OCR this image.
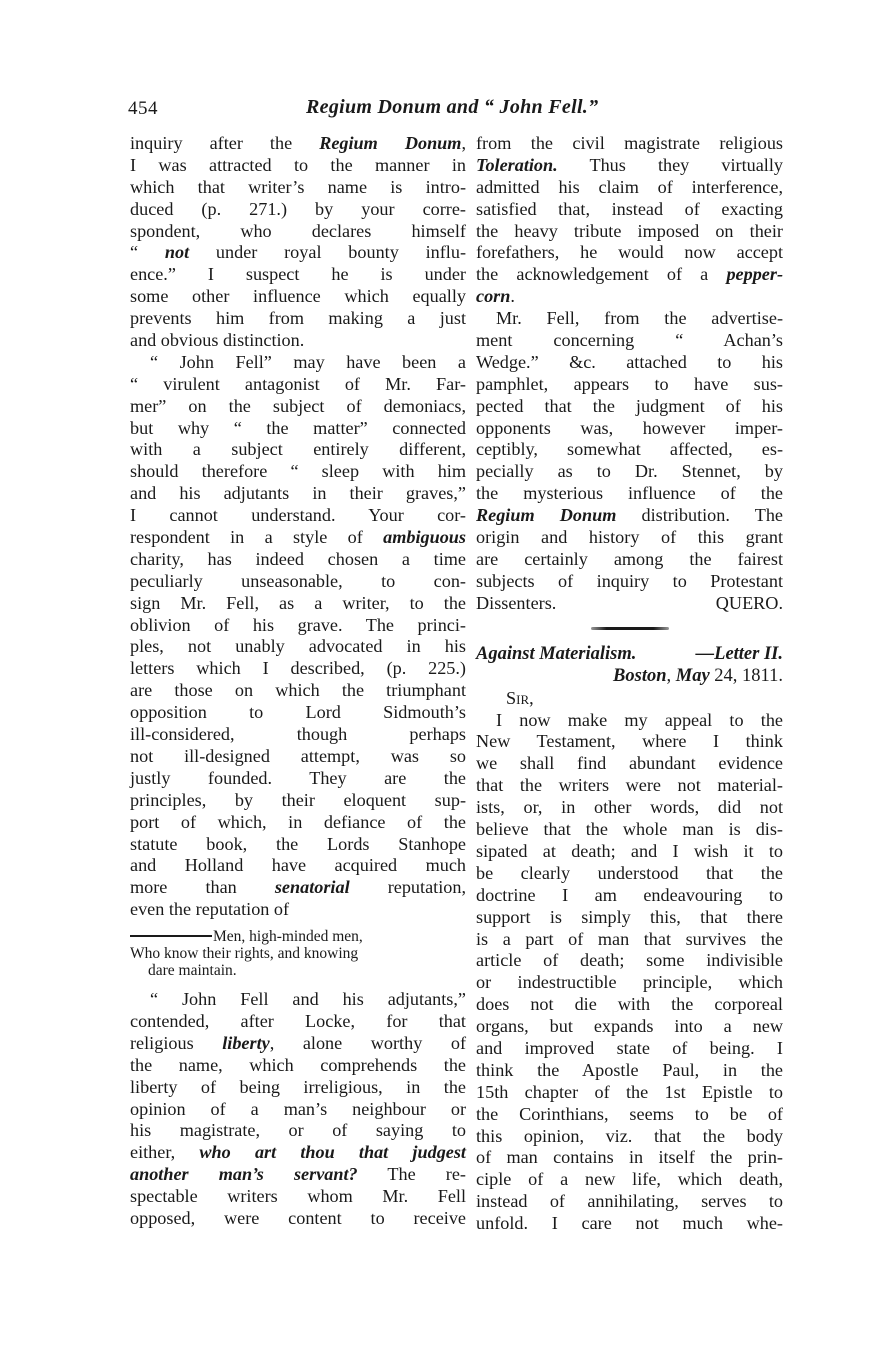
454	Regium Donum and “ John Fell.”
inquiry after the Regium Donum,
I was attracted to the manner in
which that writer’s name is intro-
duced (p. 271.) by your corre-
spondent, who declares himself
“ not under royal bounty influ-
ence.” I suspect he is under
some other influence which equally
prevents him from making a just
and obvious distinction.
“ John Fell” may have been a
“ virulent antagonist of Mr. Far-
mer” on the subject of demoniacs,
but why “ the matter” connected
with a subject entirely different,
should therefore “ sleep with him
and his adjutants in their graves,”
I cannot understand. Your cor-
respondent in a style of ambiguous
charity, has indeed chosen a time
peculiarly unseasonable, to con-
sign Mr. Fell, as a writer, to the
oblivion of his grave. The princi-
ples, not unably advocated in his
letters which I described, (p. 225.)
are those on which the triumphant
opposition to Lord Sidmouth’s
ill-considered, though perhaps
not ill-designed attempt, was so
justly founded. They are the
principles, by their eloquent sup-
port of which, in defiance of the
statute book, the Lords Stanhope
and Holland have acquired much
more than senatorial reputation,
even the reputation of
Men, high-minded men,
Who know their rights, and knowing
dare maintain.
“ John Fell and his adjutants,”
contended, after Locke, for that
religious liberty, alone worthy of
the name, which comprehends the
liberty of being irreligious, in the
opinion of a man’s neighbour or
his magistrate, or of saying to
either, who art thou that judgest
another man’s servant? The re-
spectable writers whom Mr. Fell
opposed, were content to receive
from the civil magistrate religious
Toleration. Thus they virtually
admitted his claim of interference,
satisfied that, instead of exacting
the heavy tribute imposed on their
forefathers, he would now accept
the acknowledgement of a pepper-
corn.
Mr. Fell, from the advertise-
ment concerning “ Achan’s
Wedge.” &c. attached to his
pamphlet, appears to have sus-
pected that the judgment of his
opponents was, however imper-
ceptibly, somewhat affected, es-
pecially as to Dr. Stennet, by
the mysterious influence of the
Regium Donum distribution. The
origin and history of this grant
are certainly among the fairest
subjects of inquiry to Protestant
Dissenters.	QUERO.
Against Materialism.	—Letter II.
Boston, May 24, 1811.
Sir,
I now make my appeal to the
New Testament, where I think
we shall find abundant evidence
that the writers were not material-
ists, or, in other words, did not
believe that the whole man is dis-
sipated at death; and I wish it to
be clearly understood that the
doctrine I am endeavouring to
support is simply this, that there
is a part of man that survives the
article of death; some indivisible
or indestructible principle, which
does not die with the corporeal
organs, but expands into a new
and improved state of being. I
think the Apostle Paul, in the
15th chapter of the 1st Epistle to
the Corinthians, seems to be of
this opinion, viz. that the body
of man contains in itself the prin-
ciple of a new life, which death,
instead of annihilating, serves to
unfold. I care not much whe-
